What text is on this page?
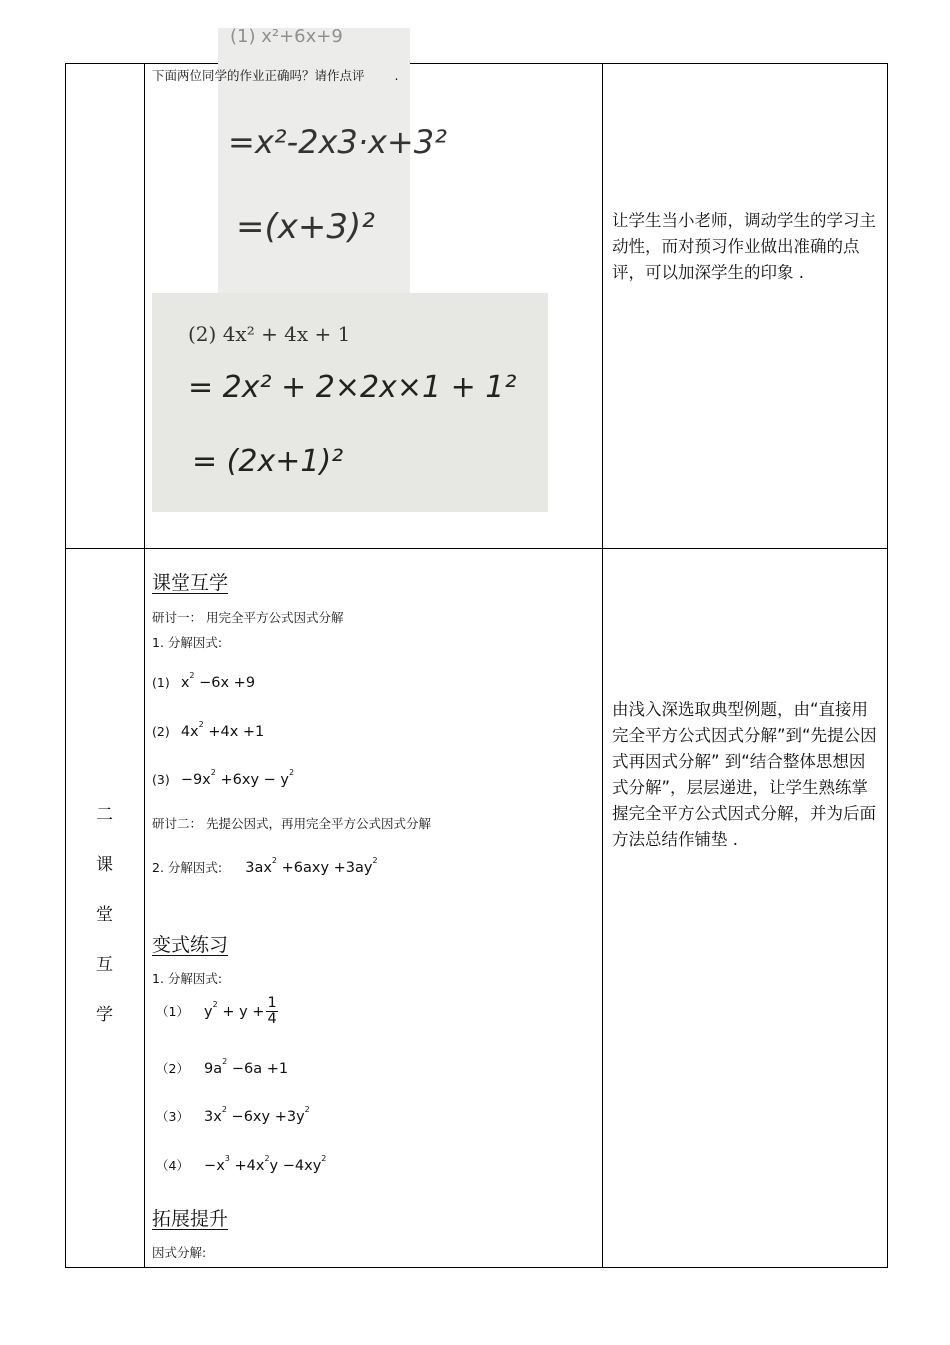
(1) x²+6x+9
=x²-2x3·x+3²
=(x+3)²
下面两位同学的作业正确吗？请作点评 .
(2) 4x² + 4x + 1
= 2x² + 2×2x×1 + 1²
= (2x+1)²
让学生当小老师，调动学生的学习主动性，而对预习作业做出准确的点评，可以加深学生的印象 .
二
课
堂
互
学
课堂互学
研讨一： 用完全平方公式因式分解
1. 分解因式:
(1) $x^2 -6x +9$
(2) $4x^2 +4x +1$
$(3) -9x^2 +6xy - y^2$
研讨二： 先提公因式，再用完全平方公式因式分解
2. 分解因式: $3ax^2 +6axy +3ay^2$
变式练习
1. 分解因式:
（1） $y^2 + y + \frac{1}{4}$
（2） $9a^2 -6a +1$
（3） $3x^2 -6xy +3y^2$
$(4) -x^3 +4x^2y -4xy^2$
拓展提升
因式分解:
由浅入深选取典型例题，由“直接用完全平方公式因式分解”到“先提公因式再因式分解” 到“结合整体思想因式分解”，层层递进，让学生熟练掌握完全平方公式因式分解，并为后面方法总结作铺垫 .
